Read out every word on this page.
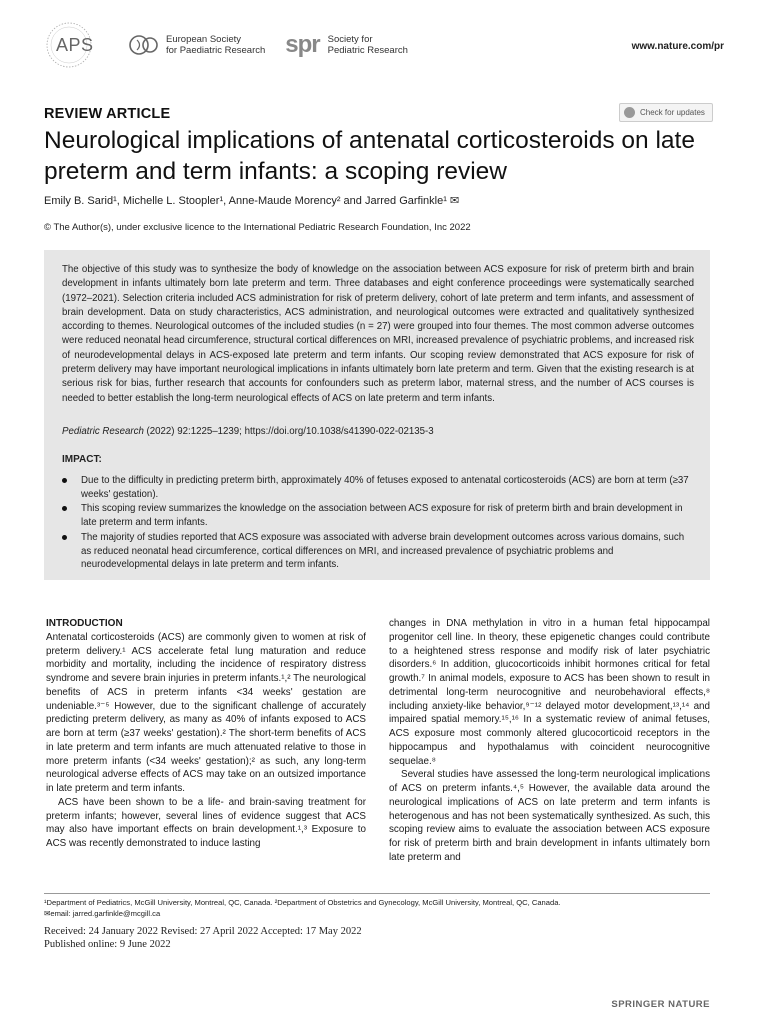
APS	European Society
for Paediatric Research spr Society for
Pediatric Research	www.nature.com/pr
REVIEW ARTICLE	Check for updates
Neurological implications of antenatal corticosteroids on late preterm and term infants: a scoping review
Emily B. Sarid¹, Michelle L. Stoopler¹, Anne-Maude Morency² and Jarred Garfinkle¹ ✉
© The Author(s), under exclusive licence to the International Pediatric Research Foundation, Inc 2022
The objective of this study was to synthesize the body of knowledge on the association between ACS exposure for risk of preterm birth and brain development in infants ultimately born late preterm and term. Three databases and eight conference proceedings were systematically searched (1972–2021). Selection criteria included ACS administration for risk of preterm delivery, cohort of late preterm and term infants, and assessment of brain development. Data on study characteristics, ACS administration, and neurological outcomes were extracted and qualitatively synthesized according to themes. Neurological outcomes of the included studies (n = 27) were grouped into four themes. The most common adverse outcomes were reduced neonatal head circumference, structural cortical differences on MRI, increased prevalence of psychiatric problems, and increased risk of neurodevelopmental delays in ACS-exposed late preterm and term infants. Our scoping review demonstrated that ACS exposure for risk of preterm delivery may have important neurological implications in infants ultimately born late preterm and term. Given that the existing research is at serious risk for bias, further research that accounts for confounders such as preterm labor, maternal stress, and the number of ACS courses is needed to better establish the long-term neurological effects of ACS on late preterm and term infants.
Pediatric Research (2022) 92:1225–1239; https://doi.org/10.1038/s41390-022-02135-3
IMPACT:
Due to the difficulty in predicting preterm birth, approximately 40% of fetuses exposed to antenatal corticosteroids (ACS) are born at term (≥37 weeks' gestation).
This scoping review summarizes the knowledge on the association between ACS exposure for risk of preterm birth and brain development in late preterm and term infants.
The majority of studies reported that ACS exposure was associated with adverse brain development outcomes across various domains, such as reduced neonatal head circumference, cortical differences on MRI, and increased prevalence of psychiatric problems and neurodevelopmental delays in late preterm and term infants.
INTRODUCTION

Antenatal corticosteroids (ACS) are commonly given to women at risk of preterm delivery.¹ ACS accelerate fetal lung maturation and reduce morbidity and mortality, including the incidence of respiratory distress syndrome and severe brain injuries in preterm infants.¹,² The neurological benefits of ACS in preterm infants <34 weeks' gestation are undeniable.³⁻⁵ However, due to the significant challenge of accurately predicting preterm delivery, as many as 40% of infants exposed to ACS are born at term (≥37 weeks' gestation).² The short-term benefits of ACS in late preterm and term infants are much attenuated relative to those in more preterm infants (<34 weeks' gestation);² as such, any long-term neurological adverse effects of ACS may take on an outsized importance in late preterm and term infants.

ACS have been shown to be a life- and brain-saving treatment for preterm infants; however, several lines of evidence suggest that ACS may also have important effects on brain development.¹,³ Exposure to ACS was recently demonstrated to induce lasting

changes in DNA methylation in vitro in a human fetal hippocampal progenitor cell line. In theory, these epigenetic changes could contribute to a heightened stress response and modify risk of later psychiatric disorders.⁶ In addition, glucocorticoids inhibit hormones critical for fetal growth.⁷ In animal models, exposure to ACS has been shown to result in detrimental long-term neurocognitive and neurobehavioral effects,⁸ including anxiety-like behavior,⁹⁻¹² delayed motor development,¹³,¹⁴ and impaired spatial memory.¹⁵,¹⁶ In a systematic review of animal fetuses, ACS exposure most commonly altered glucocorticoid receptors in the hippocampus and hypothalamus with coincident neurocognitive sequelae.⁸

Several studies have assessed the long-term neurological implications of ACS on preterm infants.⁴,⁵ However, the available data around the neurological implications of ACS on late preterm and term infants is heterogenous and has not been systematically synthesized. As such, this scoping review aims to evaluate the association between ACS exposure for risk of preterm birth and brain development in infants ultimately born late preterm and

¹Department of Pediatrics, McGill University, Montreal, QC, Canada. ²Department of Obstetrics and Gynecology, McGill University, Montreal, QC, Canada.
✉email: jarred.garfinkle@mcgill.ca
Received: 24 January 2022 Revised: 27 April 2022 Accepted: 17 May 2022
Published online: 9 June 2022
SPRINGER NATURE
